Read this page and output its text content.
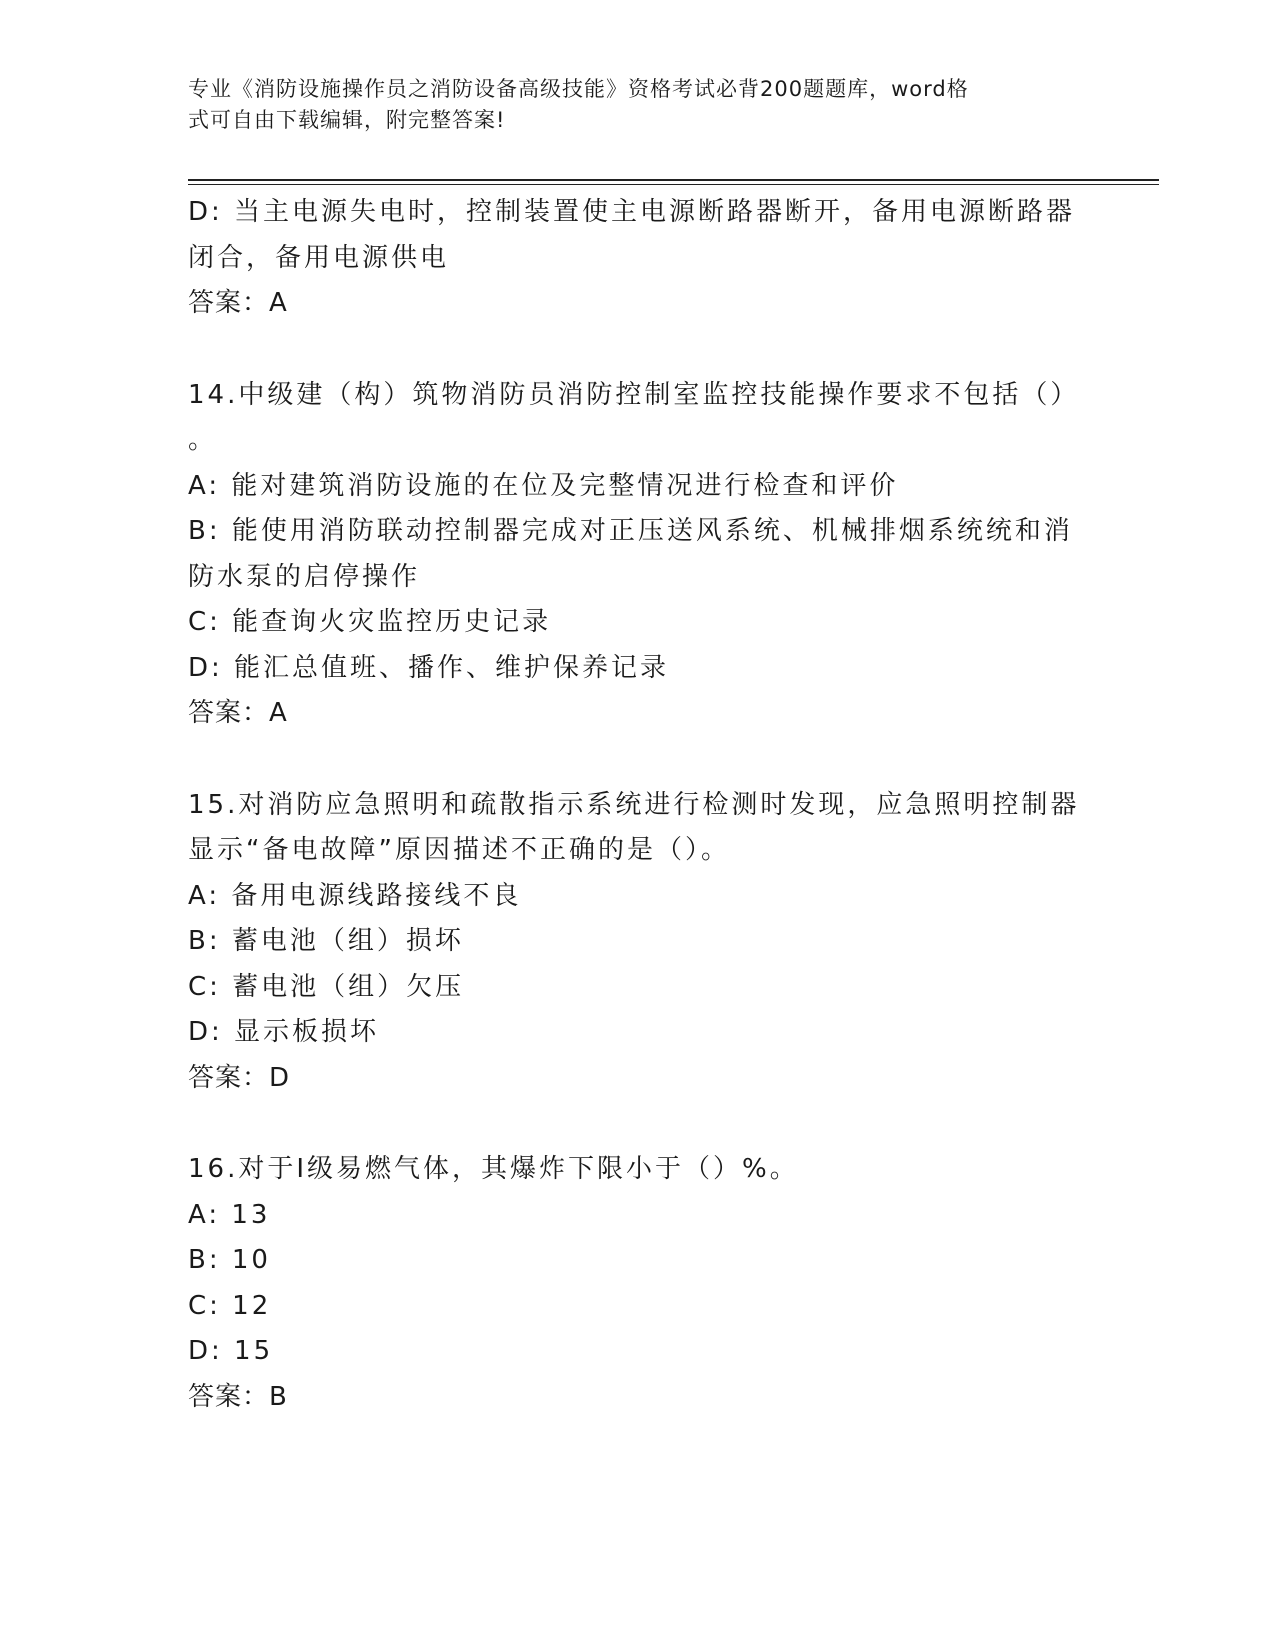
专业《消防设施操作员之消防设备高级技能》资格考试必背200题题库，word格
式可自由下载编辑，附完整答案!
D: 当主电源失电时，控制装置使主电源断路器断开，备用电源断路器
闭合，备用电源供电
答案：A
14.中级建（构）筑物消防员消防控制室监控技能操作要求不包括（）
。
A: 能对建筑消防设施的在位及完整情况进行检查和评价
B: 能使用消防联动控制器完成对正压送风系统、机械排烟系统统和消
防水泵的启停操作
C: 能查询火灾监控历史记录
D: 能汇总值班、播作、维护保养记录
答案：A
15.对消防应急照明和疏散指示系统进行检测时发现，应急照明控制器
显示“备电故障”原因描述不正确的是（）。
A: 备用电源线路接线不良
B: 蓄电池（组）损坏
C: 蓄电池（组）欠压
D: 显示板损坏
答案：D
16.对于Ⅰ级易燃气体，其爆炸下限小于（）%。
A: 13
B: 10
C: 12
D: 15
答案：B
